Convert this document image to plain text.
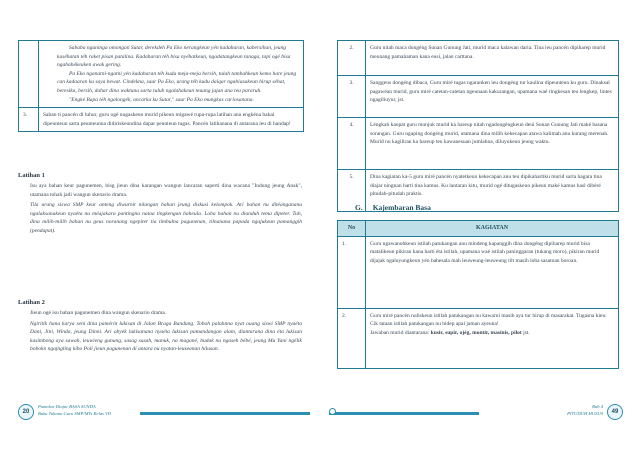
	Sababa nguninga omongan Sutar, derekdeh Pa Eko nerangkeun yén kadaharan, kabersihan, jeung kaséhatan téh raket pisan patalina. Kadaharan téh bisa nyéhatkeun, ngadatangkeun tanaga, tapi ogé bisa ngabahékeuken awak gering.

Pa Eko nganatni-ngatni yén kadaharan téh kudu meja-meja bersih, tulah tambahkeun kemo hare jeung can kadaaran ku saya hewat. Cindekna, saur Pa Eko, urang téh kudu daiqar ngabiasakeun hirup séhat, beresika, bersih, dahar dina waktuna sarta tuluh ngalahakeun teuang jajan ana teu pararuh.

"Engké Bapa téh ngalongék, ancarka ku Sutar," saur Pa Eko mungkas cariosanana.

3.	Saban ti pancén di luhur, guru ogé nugaskeun murid pikeun migawé rupa-rupa latihan anu engkéna bakal dipeunteun sarta peunteunna didiriskeundina dapar peunteun tugas. Pancén latihanana di antarana ieu di handap!
Latihan 1

Isu aya bahan keur pagunemen, bisg jieun dina karangan wangun lancaran saperti dina wacana "Indung jeung Anak", utamana tohah jadi wangun skenario drama.

Tila urang siswa SMP keur anteng diwurnit nilangan bahan jeung diskusi kelompok. Ari bahan nu ditéangananu ngalaksanakeun nyaéta nu méajakara pantingna nataa tingkengan baheula. Loba bahan nu dianduh tema dipeter. Tuh, dina milih-milih bahan nu geus noranang ngepiter tia timbulna pagunenan, tilnanana papada ngajukeun pamanggih (pendapat).

Latihan 2

Jieun ogé isu bahan pagunemen dina wangun skenario drama.

Ngiritik hana karya seni dina pamérin lukisan di Jalan Braga Bandung. Toboh palahnna nyat ouang siswi SMP nyaéta Dani, Jini, Winda, jeung Dinni. Ari obyék lukisanana nyaéta lukisan pamandangan alam, diantarana dina éta lukisan kasimbong aya sawah, leuwieng gunung, sasag sasah, manuk, na magané, budak nu ngaseh bébé, jeung Mu Yani ngélik bobokn ngajngling kibo Poli jieun pagunenan di antara nu nyatan-leuseanan hilusan.

20
Pamekar Diajar BASA SUNDA
Buku Tuhanu Guru SMP/MTs Kelas VII
2.	Guru nitah maca dongéng Sunan Gunung Jati, murid maca kalawan daria. Tina ieu pancén dipiharep murid meunang pamahaman kana eusi, jalan carttana.
3.	Sanggeus dongéng dibaca, Guru miré tugas ngaranken ieu dongéng tur kaulina dipeunteun ku guru. Dinaksal pagawéan murid, guru miré catetan-catetan ngeunaan kakurangan, upamana waé ringkesan teu lengkep, lintes ngagiliuyur, jst.
4.	Léngkah kaopat guru munjuk murid ka hareup nitah ngadongéngkeun deui Sunan Gunung Jati maké basana sorangan. Guru ngaping dongéng murid, utamana dina milih kekecapan atawa kalimah anu kurang merenah. Murid nu kagiliran ka hareup teu kawanesuan jumlahna, diluyukeun jeung waktu.
5.	Dina kagiatan ka-5 guru miré pancén nyatetkeun kekecapan anu teu dipikahartiku murid sarta hagara tina diajar ningnan harti tina kamus. Ku lantaran kitu, murid ogé ditugaskeun pikeun maké kamus hasl dibéré pitudah-pitudah praktis.
G. Kajembaran Basa
No	KAGIATAN
1.	Guru ngawanohkeun istilah patukangan anu mindeng kapanggih dina dongéng dipiharep murid bisa matalikeun pikiran kana harti éta istilah, upamana waé istilah paninggaran (tukang moro), pikiran murid dijajak ngaluyungkeun yén bahesala mah leuweung-leuweung tilt masih loba sasatoan boroan.
2.	Guru miré pancén nuliskeun istilah patukangan nu kawarni masih aya tur hirup di masarakat. Tugasna kieu:
Cik tataan istilah patukangan nu hidep apal jaman ayeuna!
Jawaban murid diantarana: kusir, supir, ojég, montir, masinis, pilot jst.
Bab 4
PITUDUH HUSUS	49
